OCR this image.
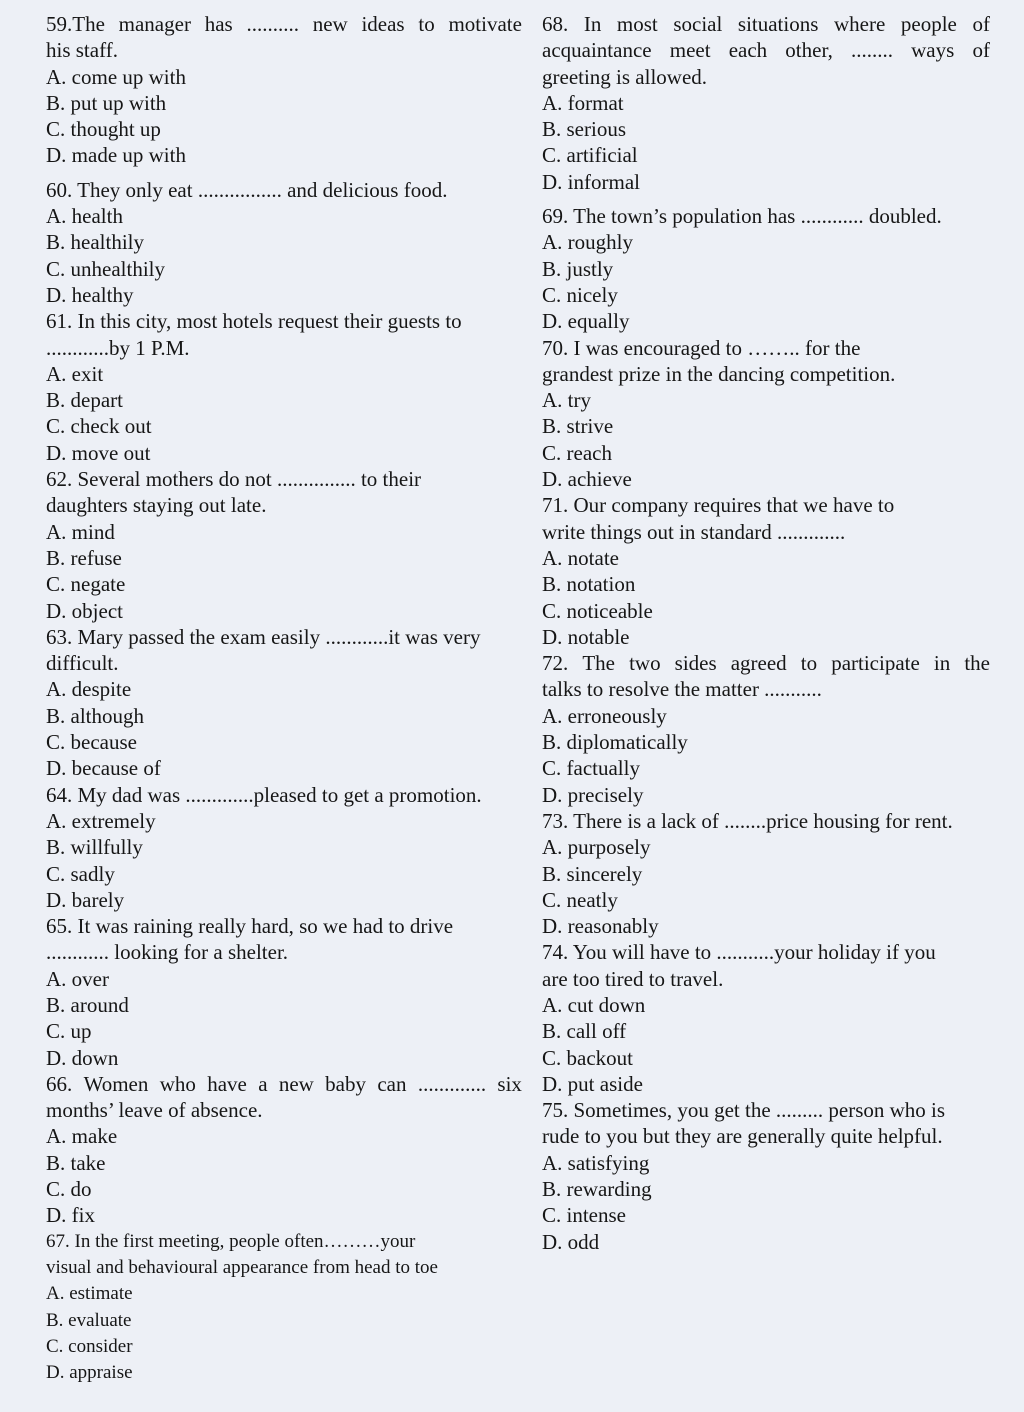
59.The manager has .......... new ideas to motivate
his staff.
A. come up with
B. put up with
C. thought up
D. made up with
60. They only eat ................ and delicious food.
A. health
B. healthily
C. unhealthily
D. healthy
61. In this city, most hotels request their guests to
............by 1 P.M.
A. exit
B. depart
C. check out
D. move out
62. Several mothers do not ............... to their
daughters staying out late.
A. mind
B. refuse
C. negate
D. object
63. Mary passed the exam easily ............it was very
difficult.
A. despite
B. although
C. because
D. because of
64. My dad was .............pleased to get a promotion.
A. extremely
B. willfully
C. sadly
D. barely
65. It was raining really hard, so we had to drive
............ looking for a shelter.
A. over
B. around
C. up
D. down
66. Women who have a new baby can ............. six
months’ leave of absence.
A. make
B. take
C. do
D. fix
67. In the first meeting, people often………your
visual and behavioural appearance from head to toe
A. estimate
B. evaluate
C. consider
D. appraise
68. In most social situations where people of
acquaintance meet each other, ........ ways of
greeting is allowed.
A. format
B. serious
C. artificial
D. informal
69. The town’s population has ............ doubled.
A. roughly
B. justly
C. nicely
D. equally
70. I was encouraged to …….. for the
grandest prize in the dancing competition.
A. try
B. strive
C. reach
D. achieve
71. Our company requires that we have to
write things out in standard .............
A. notate
B. notation
C. noticeable
D. notable
72. The two sides agreed to participate in the
talks to resolve the matter ...........
A. erroneously
B. diplomatically
C. factually
D. precisely
73. There is a lack of ........price housing for rent.
A. purposely
B. sincerely
C. neatly
D. reasonably
74. You will have to ...........your holiday if you
are too tired to travel.
A. cut down
B. call off
C. backout
D. put aside
75. Sometimes, you get the ......... person who is
rude to you but they are generally quite helpful.
A. satisfying
B. rewarding
C. intense
D. odd
